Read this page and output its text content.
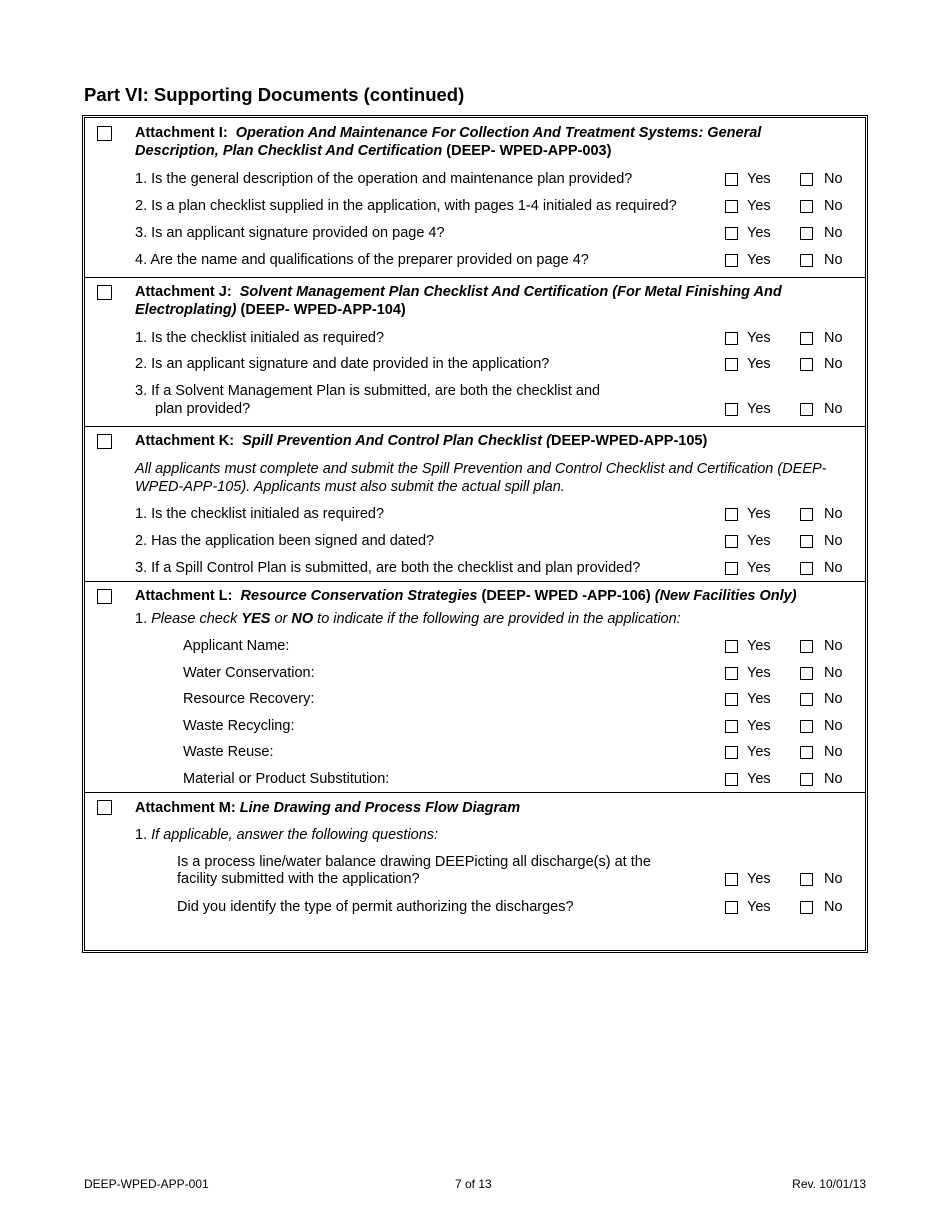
Part VI: Supporting Documents (continued)
Attachment I: Operation And Maintenance For Collection And Treatment Systems: General Description, Plan Checklist And Certification (DEEP- WPED-APP-003)
1. Is the general description of the operation and maintenance plan provided?	Yes	No
2. Is a plan checklist supplied in the application, with pages 1-4 initialed as required?	Yes	No
3. Is an applicant signature provided on page 4?	Yes	No
4. Are the name and qualifications of the preparer provided on page 4?	Yes	No
Attachment J: Solvent Management Plan Checklist And Certification (For Metal Finishing And Electroplating) (DEEP- WPED-APP-104)
1. Is the checklist initialed as required?	Yes	No
2. Is an applicant signature and date provided in the application?	Yes	No
3. If a Solvent Management Plan is submitted, are both the checklist and
plan provided?	Yes	No
Attachment K: Spill Prevention And Control Plan Checklist (DEEP-WPED-APP-105)
All applicants must complete and submit the Spill Prevention and Control Checklist and Certification (DEEP-WPED-APP-105). Applicants must also submit the actual spill plan.
1. Is the checklist initialed as required?	Yes	No
2. Has the application been signed and dated?	Yes	No
3. If a Spill Control Plan is submitted, are both the checklist and plan provided?	Yes	No
Attachment L: Resource Conservation Strategies (DEEP- WPED -APP-106) (New Facilities Only)
1. Please check YES or NO to indicate if the following are provided in the application:
Applicant Name:	Yes	No
Water Conservation:	Yes	No
Resource Recovery:	Yes	No
Waste Recycling:	Yes	No
Waste Reuse:	Yes	No
Material or Product Substitution:	Yes	No
Attachment M: Line Drawing and Process Flow Diagram
1. If applicable, answer the following questions:
Is a process line/water balance drawing DEEPicting all discharge(s) at the
facility submitted with the application?	Yes	No
Did you identify the type of permit authorizing the discharges?	Yes	No
DEEP-WPED-APP-001	7 of 13	Rev. 10/01/13
